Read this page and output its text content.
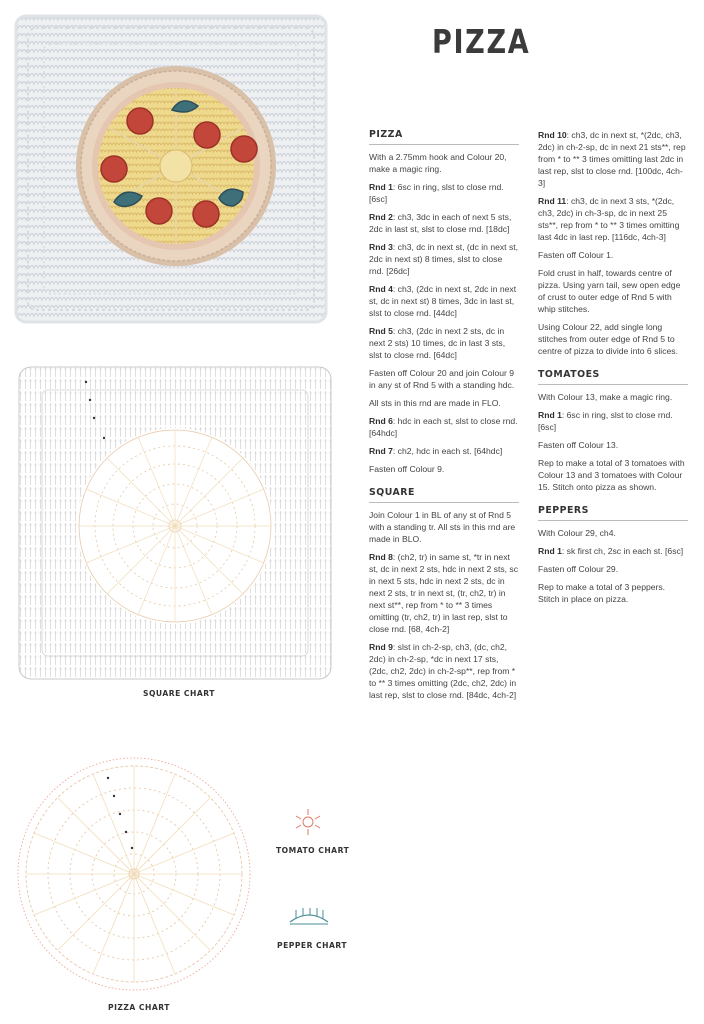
PIZZA
SQUARE CHART
PIZZA CHART
TOMATO CHART
PEPPER CHART
PIZZA

With a 2.75mm hook and Colour 20, make a magic ring.

Rnd 1: 6sc in ring, slst to close rnd. [6sc]

Rnd 2: ch3, 3dc in each of next 5 sts, 2dc in last st, slst to close rnd. [18dc]

Rnd 3: ch3, dc in next st, (dc in next st, 2dc in next st) 8 times, slst to close rnd. [26dc]

Rnd 4: ch3, (2dc in next st, 2dc in next st, dc in next st) 8 times, 3dc in last st, slst to close rnd. [44dc]

Rnd 5: ch3, (2dc in next 2 sts, dc in next 2 sts) 10 times, dc in last 3 sts, slst to close rnd. [64dc]

Fasten off Colour 20 and join Colour 9 in any st of Rnd 5 with a standing hdc.

All sts in this rnd are made in FLO.

Rnd 6: hdc in each st, slst to close rnd. [64hdc]

Rnd 7: ch2, hdc in each st. [64hdc]

Fasten off Colour 9.

SQUARE

Join Colour 1 in BL of any st of Rnd 5 with a standing tr. All sts in this rnd are made in BLO.

Rnd 8: (ch2, tr) in same st, *tr in next st, dc in next 2 sts, hdc in next 2 sts, sc in next 5 sts, hdc in next 2 sts, dc in next 2 sts, tr in next st, (tr, ch2, tr) in next st**, rep from * to ** 3 times omitting (tr, ch2, tr) in last rep, slst to close rnd. [68, 4ch-2]

Rnd 9: slst in ch-2-sp, ch3, (dc, ch2, 2dc) in ch-2-sp, *dc in next 17 sts, (2dc, ch2, 2dc) in ch-2-sp**, rep from * to ** 3 times omitting (2dc, ch2, 2dc) in last rep, slst to close rnd. [84dc, 4ch-2]

Rnd 10: ch3, dc in next st, *(2dc, ch3, 2dc) in ch-2-sp, dc in next 21 sts**, rep from * to ** 3 times omitting last 2dc in last rep, slst to close rnd. [100dc, 4ch-3]

Rnd 11: ch3, dc in next 3 sts, *(2dc, ch3, 2dc) in ch-3-sp, dc in next 25 sts**, rep from * to ** 3 times omitting last 4dc in last rep. [116dc, 4ch-3]

Fasten off Colour 1.

Fold crust in half, towards centre of pizza. Using yarn tail, sew open edge of crust to outer edge of Rnd 5 with whip stitches.

Using Colour 22, add single long stitches from outer edge of Rnd 5 to centre of pizza to divide into 6 slices.

TOMATOES

With Colour 13, make a magic ring.

Rnd 1: 6sc in ring, slst to close rnd. [6sc]

Fasten off Colour 13.

Rep to make a total of 3 tomatoes with Colour 13 and 3 tomatoes with Colour 15. Stitch onto pizza as shown.

PEPPERS

With Colour 29, ch4.

Rnd 1: sk first ch, 2sc in each st. [6sc]

Fasten off Colour 29.

Rep to make a total of 3 peppers. Stitch in place on pizza.
